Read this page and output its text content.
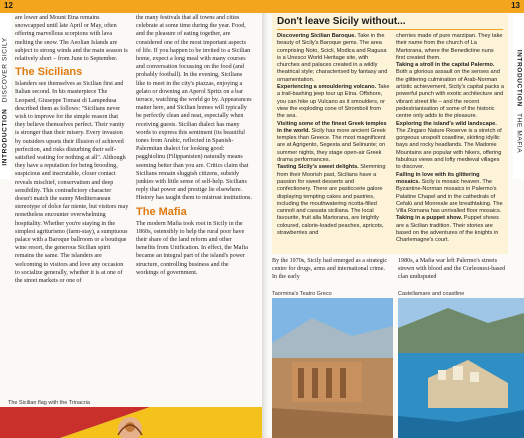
12
INTRODUCTION DISCOVER SICILY

are lower and Mount Etna remains snowcapped until late April or May, often offering marvellous scorpions with lava melting the snow. The Aeolian Islands are subject to strong winds and the main season is relatively short – from June to September.

The Sicilians

Islanders see themselves as Sicilian first and Italian second. In his masterpiece The Leopard, Giuseppe Tomasi di Lampedusa described them as follows: "Sicilians never wish to improve for the simple reason that they believe themselves perfect. Their vanity is stronger than their misery. Every invasion by outsiders upsets their illusion of achieved perfection, and risks disturbing their self-satisfied waiting for nothing at all". Although they have a reputation for being brooding, suspicious and inscrutable, closer contact reveals mischief, conservatism and deep sensibility. This contradictory character doesn't match the sunny Mediterranean stereotype of dolce far niente, but visitors may nonetheless encounter overwhelming hospitality. Whether you're staying in the simplest agriturismo (farm-stay), a sumptuous palace with a Baroque ballroom or a boutique wine resort, the generous Sicilian spirit remains the same. The islanders are welcoming to visitors and love any occasion to socialize generally, whether it is at one of the street markets or one of

the many festivals that all towns and cities celebrate at some time during the year. Food, and the pleasure of eating together, are considered one of the most important aspects of life. If you happen to be invited to a Sicilian home, expect a long meal with many courses and conversation focussing on the food (and probably football). In the evening, Sicilians like to meet in the city's piazzas, enjoying a gelato or downing an Aperol Spritz on a bar terrace, watching the world go by. Appearances matter here, and Sicilian homes will typically be perfectly clean and neat, especially when receiving guests. Sicilian dialect has many words to express this sentiment (its beautiful tones from Arabic, reflected in Spanish-Palermitan dialect for looking good: pagghiolinu (Filippanisten) naturally means seeming better than you are. Critics claim that Sicilians remain sluggish citizens, subsidy junkies with little sense of self-help. Sicilians reply that power and prestige lie elsewhere. History has taught them to mistrust institutions.

The Mafia

The modern Mafia took root in Sicily in the 1860s, ostensibly to help the rural poor have their share of the land reform and other benefits from Unification. In effect, the Mafia became an integral part of the island's power structure, controlling business and the workings of government.

The Sicilian flag with the Trinacria
13
INTRODUCTION THE MAFIA
Don't leave Sicily without...

Discovering Sicilian Baroque. Take in the beauty of Sicily's Baroque gems. The area comprising Noto, Scicli, Modica and Ragusa is a Unesco World Heritage site, with churches and palaces created in a wildly theatrical style; characterised by fantasy and ornamentation.

Experiencing a smouldering volcano. Take a trail-bashing jeep tour up Etna. Offshore, you can hike up Vulcano as it smoulders, or view the exploding cone of Stromboli from the sea.

Visiting some of the finest Greek temples in the world. Sicily has more ancient Greek temples than Greece. The most magnificent are at Agrigento, Segesta and Selinunte; on summer nights, they stage open-air Greek drama performances.

Tasting Sicily's sweet delights. Stemming from their Moorish past, Sicilians have a passion for sweet desserts and confectionery. There are pasticcerie galore displaying tempting cakes and pastries, including the mouthwatering ricotta-filled cannoli and cassata siciliana. The local favourite, fruit alla Martorana, are brightly coloured, calorie-loaded peaches, apricots, strawberries and

cherries made of pure marzipan. They take their name from the church of La Martorana, where the Benedictine nuns first created them.

Taking a stroll in the capital Palermo. Both a glorious assault on the senses and the glittering culmination of Arab-Norman artistic achievement, Sicily's capital packs a powerful punch with exotic architecture and vibrant street life – and the recent pedestrianisation of some of the historic centre only adds to the pleasure.

Exploring the island's wild landscape. The Zingaro Nature Reserve is a stretch of gorgeous unspoilt coastline, skirting idyllic bays and rocky headlands. The Madonie Mountains are popular with hikers, offering fabulous views and lofty medieval villages to discover.

Falling in love with its glittering mosaics. Sicily is mosaic heaven. The Byzantine-Norman mosaics in Palermo's Palatine Chapel and in the cathedrals of Cefalù and Monreale are breathtaking. The Villa Romana has unrivalled floor mosaics.

Taking in a puppet show. Puppet shows are a Sicilian tradition. Their stories are based on the adventures of the knights in Charlemagne's court.

By the 1970s, Sicily had emerged as a strategic centre for drugs, arms and international crime. In the early
1980s, a Mafia war left Palermo's streets strewn with blood and the Corleonesi-based clan undisputed
Taormina's Teatro Greco	Castellamare and coastline
